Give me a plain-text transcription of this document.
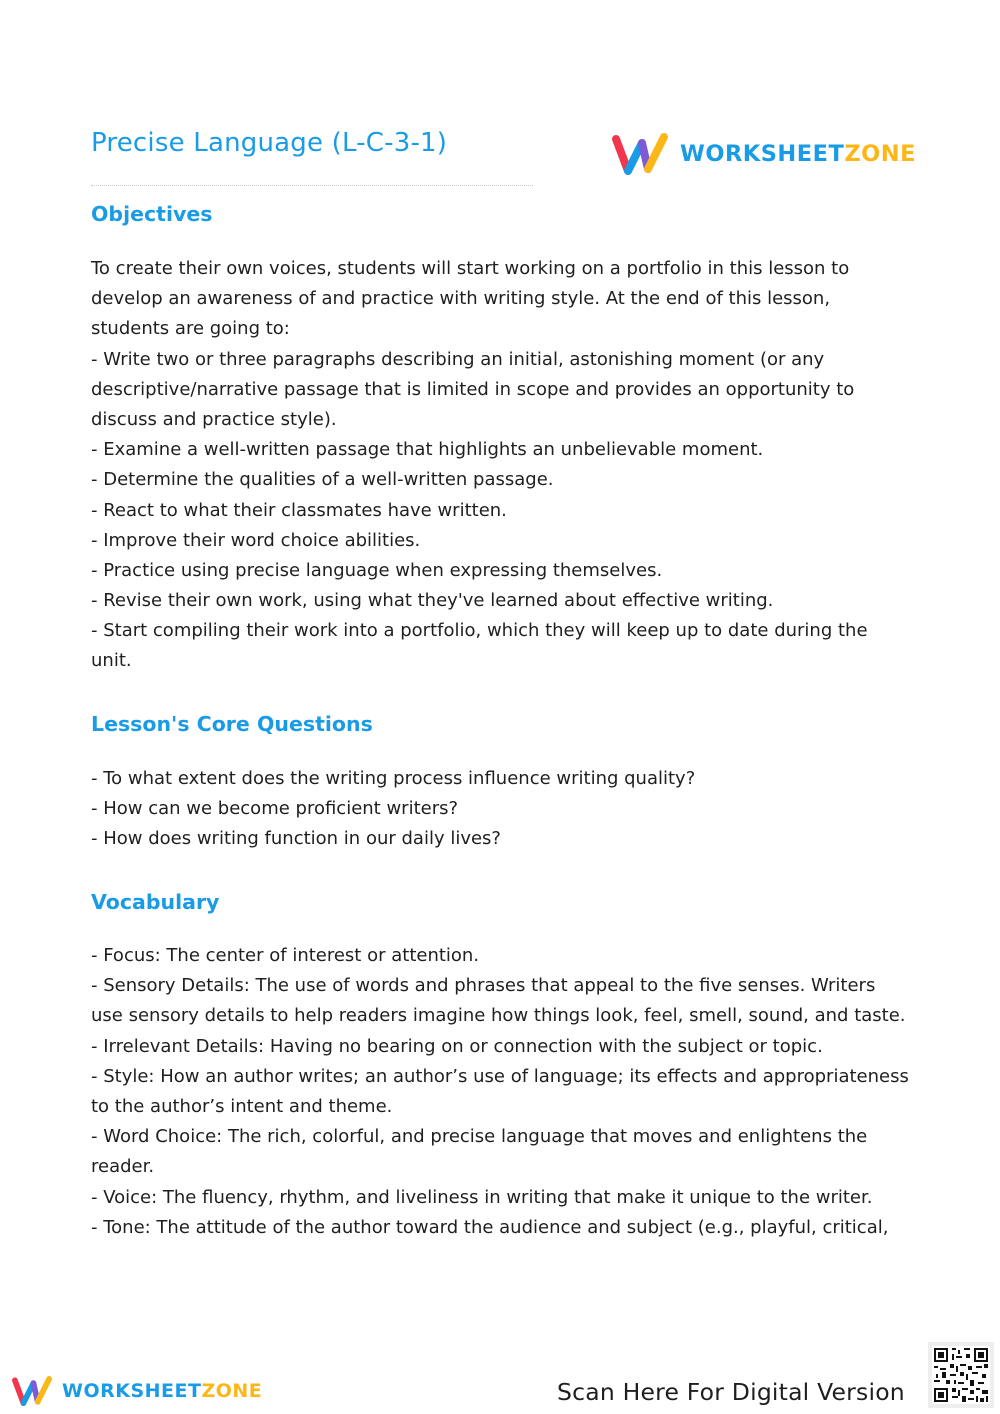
Precise Language (L-C-3-1)	WORKSHEETZONE
Objectives
To create their own voices, students will start working on a portfolio in this lesson to
develop an awareness of and practice with writing style. At the end of this lesson,
students are going to:
- Write two or three paragraphs describing an initial, astonishing moment (or any
descriptive/narrative passage that is limited in scope and provides an opportunity to
discuss and practice style).
- Examine a well-written passage that highlights an unbelievable moment.
- Determine the qualities of a well-written passage.
- React to what their classmates have written.
- Improve their word choice abilities.
- Practice using precise language when expressing themselves.
- Revise their own work, using what they've learned about effective writing.
- Start compiling their work into a portfolio, which they will keep up to date during the
unit.
Lesson's Core Questions
- To what extent does the writing process influence writing quality?
- How can we become proficient writers?
- How does writing function in our daily lives?
Vocabulary
- Focus: The center of interest or attention.
- Sensory Details: The use of words and phrases that appeal to the five senses. Writers
use sensory details to help readers imagine how things look, feel, smell, sound, and taste.
- Irrelevant Details: Having no bearing on or connection with the subject or topic.
- Style: How an author writes; an author’s use of language; its effects and appropriateness
to the author’s intent and theme.
- Word Choice: The rich, colorful, and precise language that moves and enlightens the
reader.
- Voice: The fluency, rhythm, and liveliness in writing that make it unique to the writer.
- Tone: The attitude of the author toward the audience and subject (e.g., playful, critical,
WORKSHEETZONE	Scan Here For Digital Version
